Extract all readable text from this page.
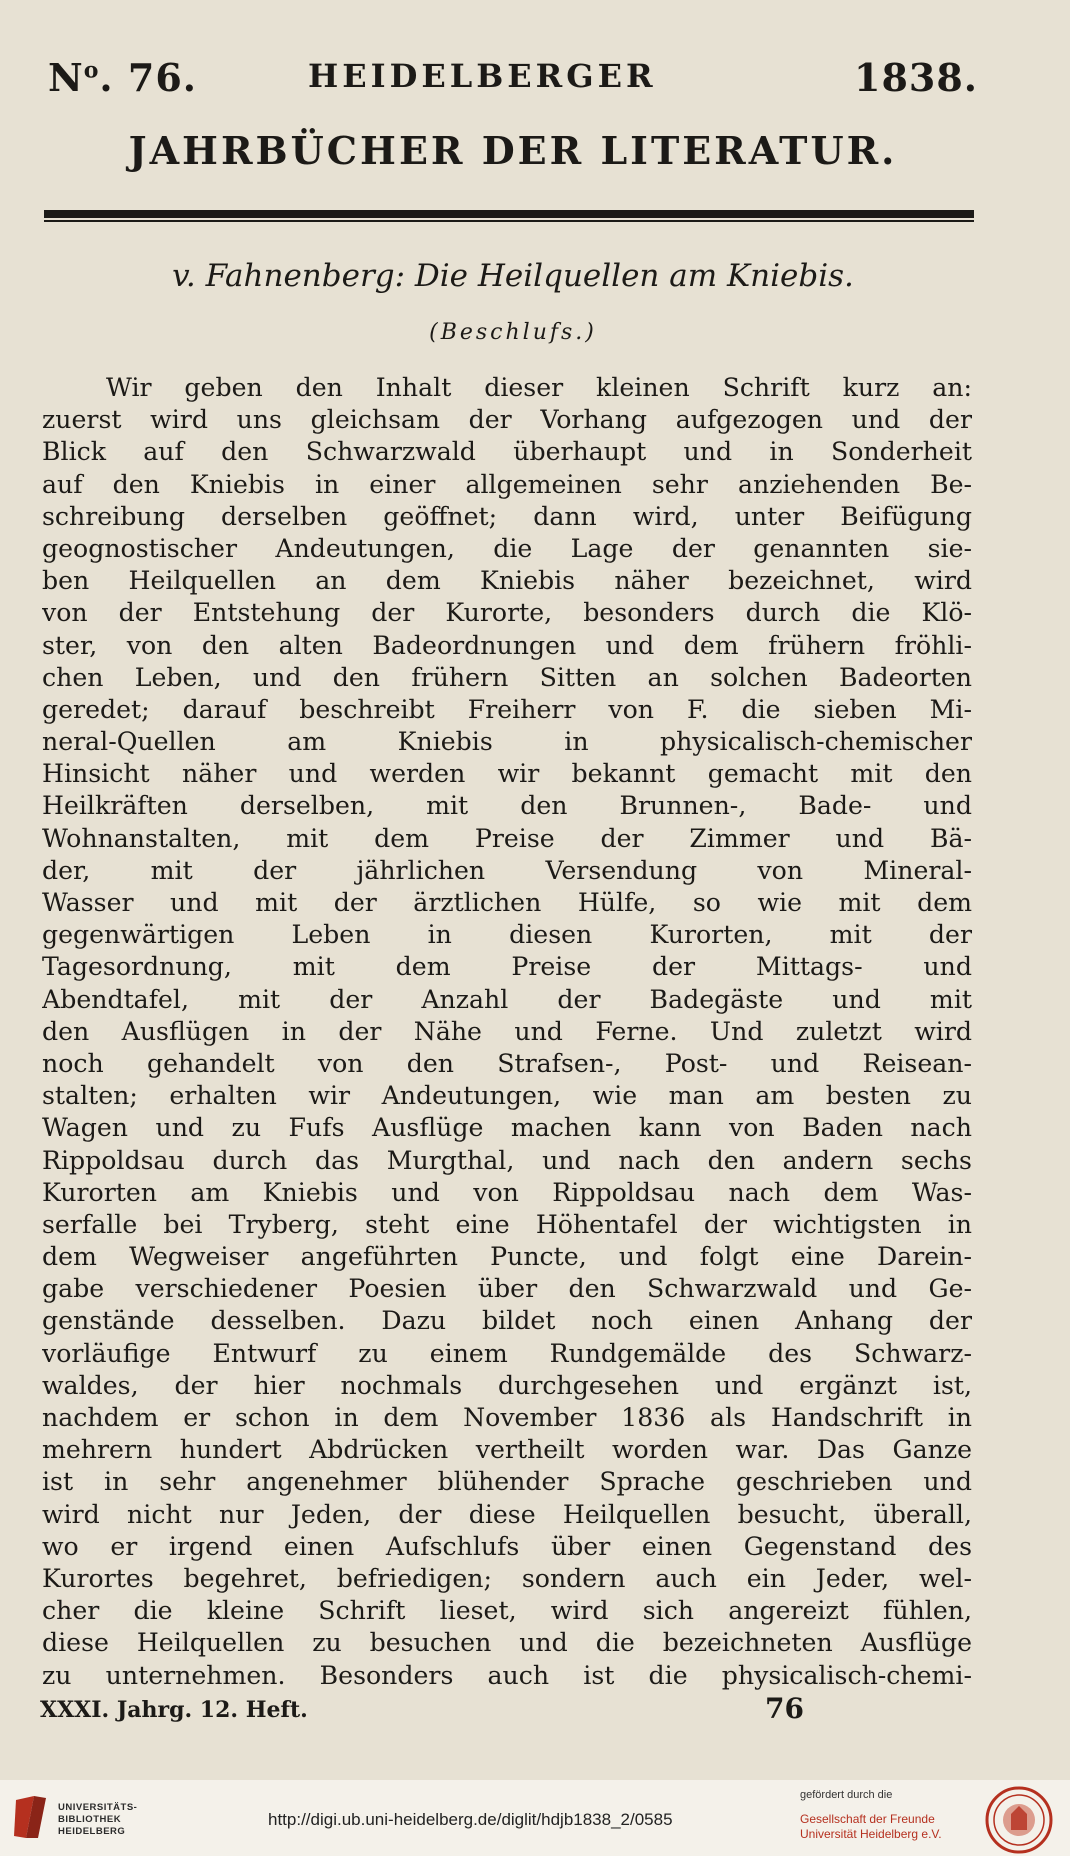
$N^o$. 76.	HEIDELBERGER	1838.
JAHRBÜCHER DER LITERATUR.
v. Fahnenberg: Die Heilquellen am Kniebis.
(Beschlufs.)
Wir geben den Inhalt dieser kleinen Schrift kurz an:
zuerst wird uns gleichsam der Vorhang aufgezogen und der
Blick auf den Schwarzwald überhaupt und in Sonderheit
auf den Kniebis in einer allgemeinen sehr anziehenden Be-
schreibung derselben geöffnet; dann wird, unter Beifügung
geognostischer Andeutungen, die Lage der genannten sie-
ben Heilquellen an dem Kniebis näher bezeichnet, wird
von der Entstehung der Kurorte, besonders durch die Klö-
ster, von den alten Badeordnungen und dem frühern fröhli-
chen Leben, und den frühern Sitten an solchen Badeorten
geredet; darauf beschreibt Freiherr von F. die sieben Mi-
neral-Quellen am Kniebis in physicalisch-chemischer
Hinsicht näher und werden wir bekannt gemacht mit den
Heilkräften derselben, mit den Brunnen-, Bade- und
Wohnanstalten, mit dem Preise der Zimmer und Bä-
der, mit der jährlichen Versendung von Mineral-
Wasser und mit der ärztlichen Hülfe, so wie mit dem
gegenwärtigen Leben in diesen Kurorten, mit der
Tagesordnung, mit dem Preise der Mittags- und
Abendtafel, mit der Anzahl der Badegäste und mit
den Ausflügen in der Nähe und Ferne. Und zuletzt wird
noch gehandelt von den Strafsen-, Post- und Reisean-
stalten; erhalten wir Andeutungen, wie man am besten zu
Wagen und zu Fufs Ausflüge machen kann von Baden nach
Rippoldsau durch das Murgthal, und nach den andern sechs
Kurorten am Kniebis und von Rippoldsau nach dem Was-
serfalle bei Tryberg, steht eine Höhentafel der wichtigsten in
dem Wegweiser angeführten Puncte, und folgt eine Darein-
gabe verschiedener Poesien über den Schwarzwald und Ge-
genstände desselben. Dazu bildet noch einen Anhang der
vorläufige Entwurf zu einem Rundgemälde des Schwarz-
waldes, der hier nochmals durchgesehen und ergänzt ist,
nachdem er schon in dem November 1836 als Handschrift in
mehrern hundert Abdrücken vertheilt worden war. Das Ganze
ist in sehr angenehmer blühender Sprache geschrieben und
wird nicht nur Jeden, der diese Heilquellen besucht, überall,
wo er irgend einen Aufschlufs über einen Gegenstand des
Kurortes begehret, befriedigen; sondern auch ein Jeder, wel-
cher die kleine Schrift lieset, wird sich angereizt fühlen,
diese Heilquellen zu besuchen und die bezeichneten Ausflüge
zu unternehmen. Besonders auch ist die physicalisch-chemi-
XXXI. Jahrg. 12. Heft.	76
UNIVERSITÄTS-
BIBLIOTHEK
HEIDELBERG
http://digi.ub.uni-heidelberg.de/diglit/hdjb1838_2/0585
gefördert durch die
Gesellschaft der Freunde
Universität Heidelberg e.V.
